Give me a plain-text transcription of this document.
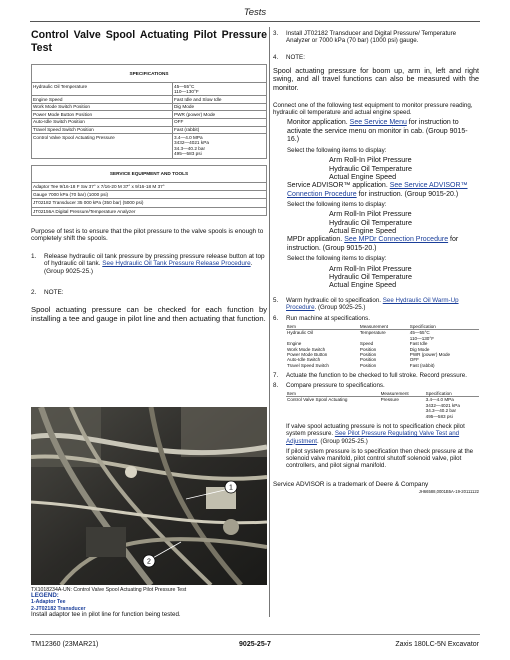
Tests
Control Valve Spool Actuating Pilot Pressure Test
SPECIFICATIONS	
Hydraulic Oil Temperature	45—55°C
110—130°F
Engine Speed	Fast Idle and Slow Idle
Work Mode Switch Position	Dig Mode
Power Mode Button Position	PWR (power) Mode
Auto-Idle Switch Position	OFF
Travel Speed Switch Position	Fast (rabbit)
Control Valve Spool Actuating Pressure	3.4—4.0 MPa
3432—4021 kPa
34.3—40.2 bar
495—583 psi
SERVICE EQUIPMENT AND TOOLS
Adaptor Tee 9/16-18 F Sw 37° x 7/16-20 M 37° x 9/16-18 M 37°
Gauge 7000 kPa (70 bar) (1000 psi)
JT02182 Transducer 35 000 kPa (350 bar) (5000 psi)
JT02156A Digital Pressure/Temperature Analyzer

Purpose of test is to ensure that the pilot pressure to the valve spools is enough to completely shift the spools.

1. Release hydraulic oil tank pressure by pressing pressure release button at top of hydraulic oil tank. See Hydraulic Oil Tank Pressure Release Procedure. (Group 9025-25.)
2. NOTE:

Spool actuating pressure can be checked for each function by installing a tee and gauge in pilot line and then actuating that function.

1
2
TX1018234A-UN: Control Valve Spool Actuating Pilot Pressure Test
LEGEND:
1-Adaptor Tee
2-JT02182 Transducer
Install adaptor tee in pilot line for function being tested.
3. Install JT02182 Transducer and Digital Pressure/ Temperature Analyzer or 7000 kPa (70 bar) (1000 psi) gauge.
4. NOTE:

Spool actuating pressure for boom up, arm in, left and right swing, and all travel functions can also be measured with the monitor.

Connect one of the following test equipment to monitor pressure reading, hydraulic oil temperature and actual engine speed.

Monitor application. See Service Menu for instruction to activate the service menu on monitor in cab. (Group 9015-16.)
Select the following items to display:
Arm Roll-In Pilot Pressure
Hydraulic Oil Temperature
Actual Engine Speed
Service ADVISOR™ application. See Service ADVISOR™ Connection Procedure for instruction. (Group 9015-20.)
Select the following items to display:
Arm Roll-In Pilot Pressure
Hydraulic Oil Temperature
Actual Engine Speed
MPDr application. See MPDr Connection Procedure for instruction. (Group 9015-20.)
Select the following items to display:
Arm Roll-In Pilot Pressure
Hydraulic Oil Temperature
Actual Engine Speed
5. Warm hydraulic oil to specification. See Hydraulic Oil Warm-Up Procedure. (Group 9025-25.)
6. Run machine at specifications.
Item	Measurement	Specification
Hydraulic Oil	Temperature	45—55°C
110—130°F
Engine	Speed	Fast Idle
Work Mode Switch	Position	Dig Mode
Power Mode Button	Position	PWR (power) Mode
Auto-Idle Switch	Position	OFF
Travel Speed Switch	Position	Fast (rabbit)
7. Actuate the function to be checked to full stroke. Record pressure.
8. Compare pressure to specifications.
Item	Measurement	Specification
Control Valve Spool Actuating	Pressure	3.4—4.0 MPa
3432—4021 kPa
34.3—40.2 bar
495—583 psi
If valve spool actuating pressure is not to specification check pilot system pressure. See Pilot Pressure Regulating Valve Test and Adjustment. (Group 9025-25.)
If pilot system pressure is to specification then check pressure at the solenoid valve manifold, pilot control shutoff solenoid valve, pilot controllers, and pilot signal manifold.
Service ADVISOR is a trademark of Deere & Company
JH66588,0001B5A-19-20111122
TM12360 (23MAR21)	9025-25-7	Zaxis 180LC-5N Excavator
